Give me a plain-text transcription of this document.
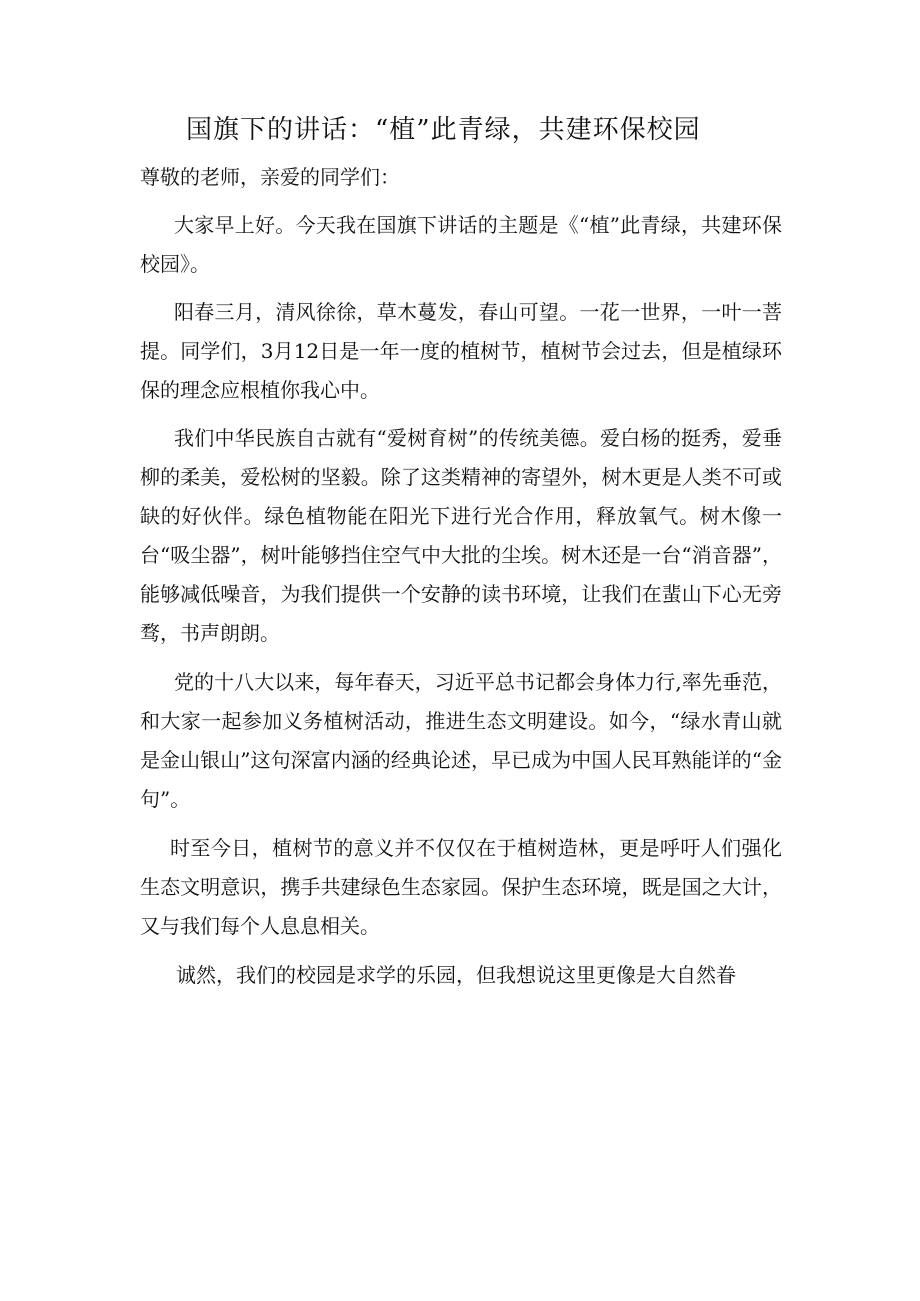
国旗下的讲话：“植”此青绿，共建环保校园
尊敬的老师，亲爱的同学们：

大家早上好。今天我在国旗下讲话的主题是《“植”此青绿，共建环保校园》。

阳春三月，清风徐徐，草木蔓发，春山可望。一花一世界，一叶一菩提。同学们，3月12日是一年一度的植树节，植树节会过去，但是植绿环保的理念应根植你我心中。

我们中华民族自古就有“爱树育树”的传统美德。爱白杨的挺秀，爱垂柳的柔美，爱松树的坚毅。除了这类精神的寄望外，树木更是人类不可或缺的好伙伴。绿色植物能在阳光下进行光合作用，释放氧气。树木像一台“吸尘器”，树叶能够挡住空气中大批的尘埃。树木还是一台“消音器”，能够减低噪音，为我们提供一个安静的读书环境，让我们在蜚山下心无旁骛，书声朗朗。

党的十八大以来，每年春天，习近平总书记都会身体力行,率先垂范，和大家一起参加义务植树活动，推进生态文明建设。如今，“绿水青山就是金山银山”这句深富内涵的经典论述，早已成为中国人民耳熟能详的“金句”。

时至今日，植树节的意义并不仅仅在于植树造林，更是呼吁人们强化生态文明意识，携手共建绿色生态家园。保护生态环境，既是国之大计，又与我们每个人息息相关。

诚然，我们的校园是求学的乐园，但我想说这里更像是大自然眷
